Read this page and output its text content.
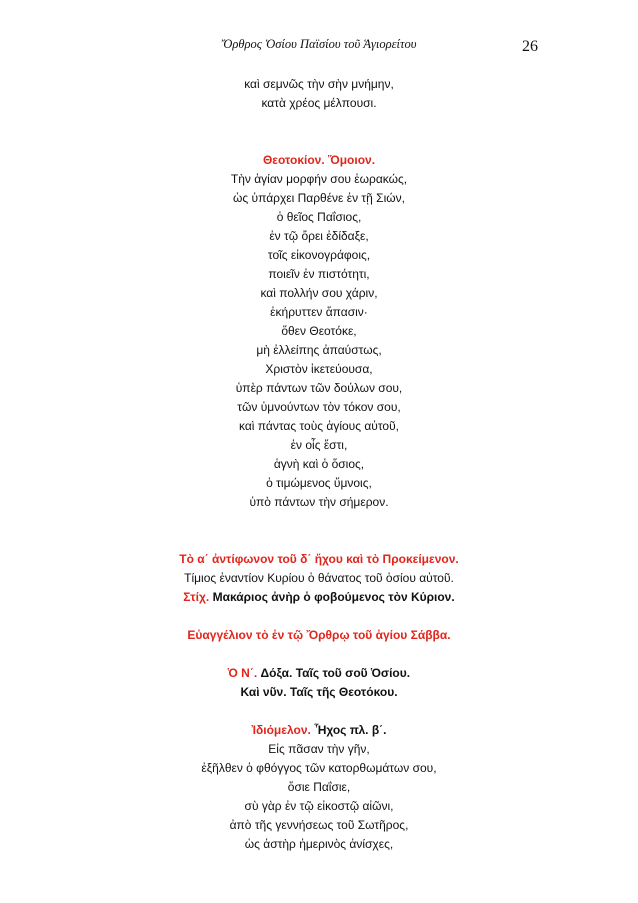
Ὄρθρος Ὁσίου Παϊσίου τοῦ Ἁγιορείτου	26
καὶ σεμνῶς τὴν σὴν μνήμην,
κατὰ χρέος μέλπουσι.
Θεοτοκίον. Ὅμοιον.
Τὴν ἁγίαν μορφήν σου ἑωρακώς,
ὡς ὑπάρχει Παρθένε ἐν τῇ Σιών,
ὁ θεῖος Παΐσιος,
ἐν τῷ ὄρει ἐδίδαξε,
τοῖς εἰκονογράφοις,
ποιεῖν ἐν πιστότητι,
καὶ πολλήν σου χάριν,
ἐκήρυττεν ἅπασιν·
ὅθεν Θεοτόκε,
μὴ ἐλλείπης ἀπαύστως,
Χριστὸν ἱκετεύουσα,
ὑπὲρ πάντων τῶν δούλων σου,
τῶν ὑμνούντων τὸν τόκον σου,
καὶ πάντας τοὺς ἁγίους αὐτοῦ,
ἐν οἷς ἔστι,
ἁγνὴ καὶ ὁ ὅσιος,
ὁ τιμώμενος ὕμνοις,
ὑπὸ πάντων τὴν σήμερον.
Τὸ α΄ ἀντίφωνον τοῦ δ΄ ἤχου καὶ τὸ Προκείμενον.
Τίμιος ἐναντίον Κυρίου ὁ θάνατος τοῦ ὁσίου αὐτοῦ.
Στίχ. Μακάριος ἀνὴρ ὁ φοβούμενος τὸν Κύριον.
Εὐαγγέλιον τὸ ἐν τῷ Ὄρθρῳ τοῦ ἁγίου Σάββα.
Ὁ Ν΄. Δόξα. Ταῖς τοῦ σοῦ Ὁσίου.
Καὶ νῦν. Ταῖς τῆς Θεοτόκου.
Ἰδιόμελον. Ἦχος πλ. β΄.
Εἰς πᾶσαν τὴν γῆν,
ἐξῆλθεν ὁ φθόγγος τῶν κατορθωμάτων σου,
ὅσιε Παΐσιε,
σὺ γὰρ ἐν τῷ εἰκοστῷ αἰῶνι,
ἀπὸ τῆς γεννήσεως τοῦ Σωτῆρος,
ὡς ἀστὴρ ἡμερινὸς ἀνίσχες,
